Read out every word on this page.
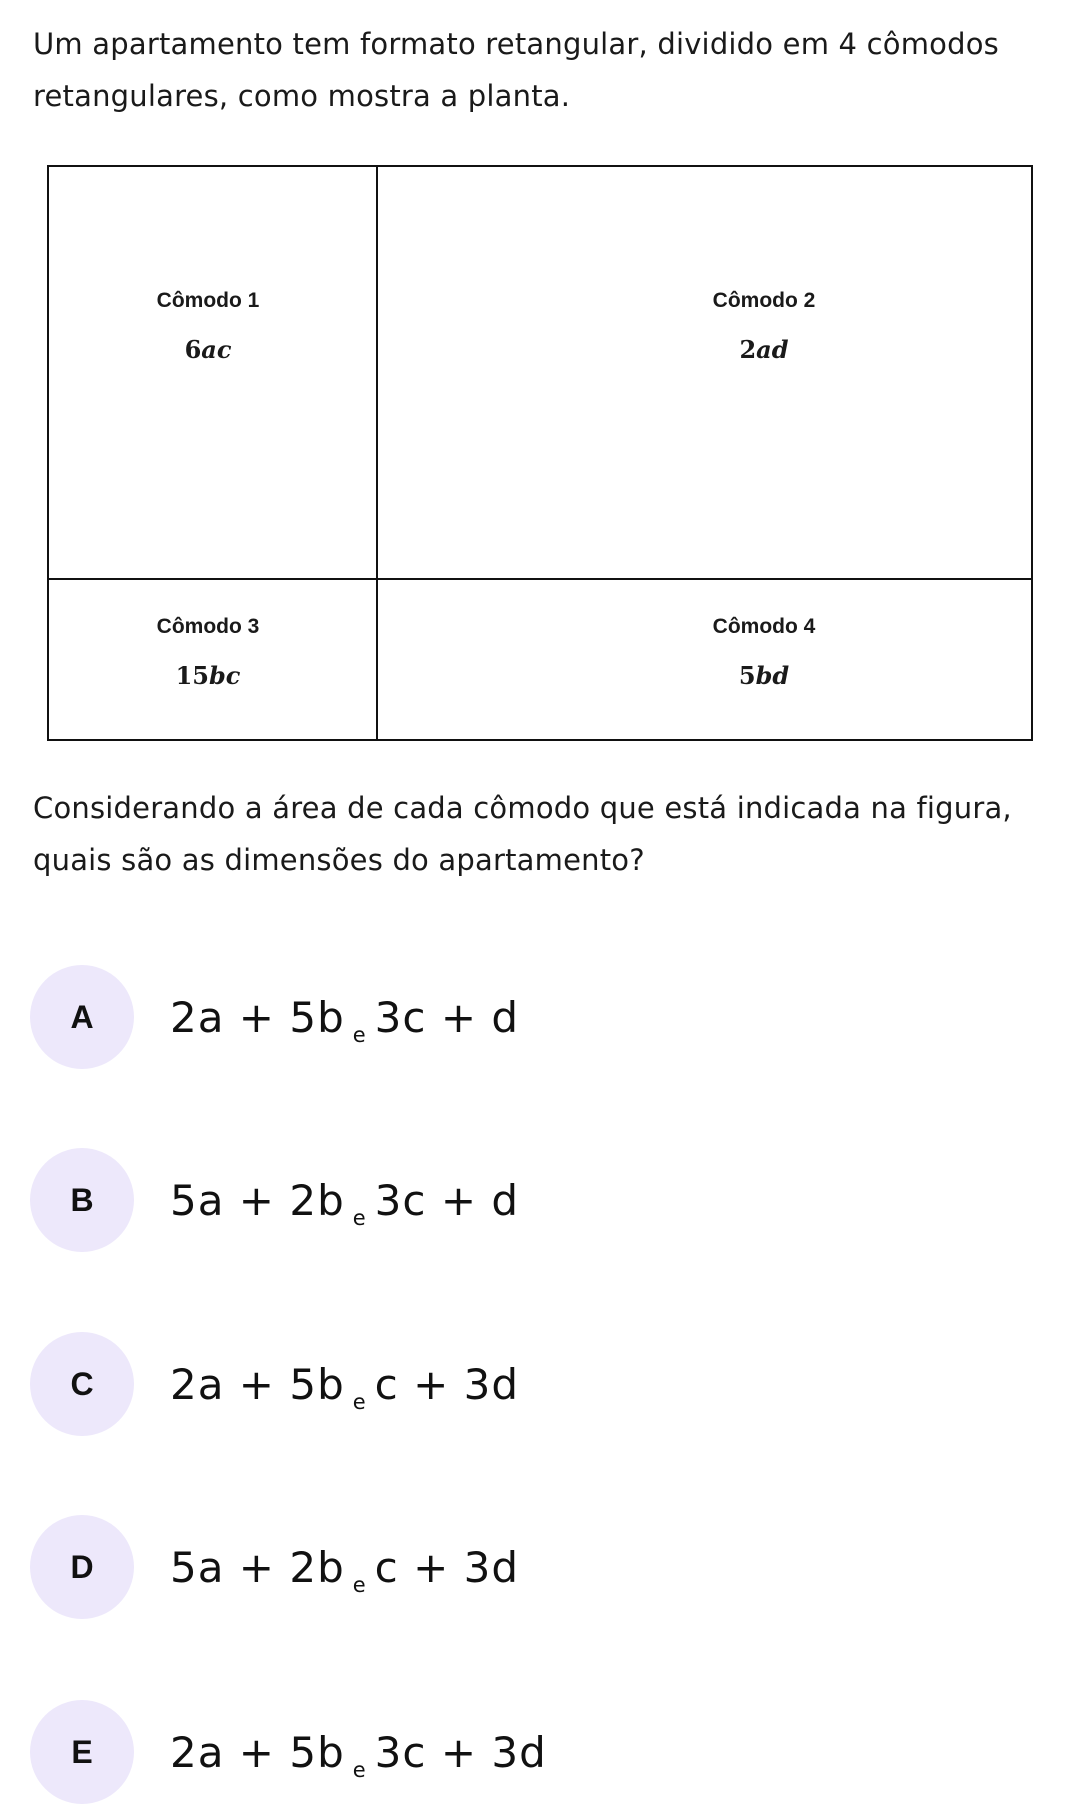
Um apartamento tem formato retangular, dividido em 4 cômodos retangulares, como mostra a planta.
Cômodo 1
6ac
Cômodo 2
2ad
Cômodo 3
15bc
Cômodo 4
5bd
Considerando a área de cada cômodo que está indicada na figura, quais são as dimensões do apartamento?
A	2a + 5b e 3c + d
B	5a + 2b e 3c + d
C	2a + 5b e c + 3d
D	5a + 2b e c + 3d
E	2a + 5b e 3c + 3d
